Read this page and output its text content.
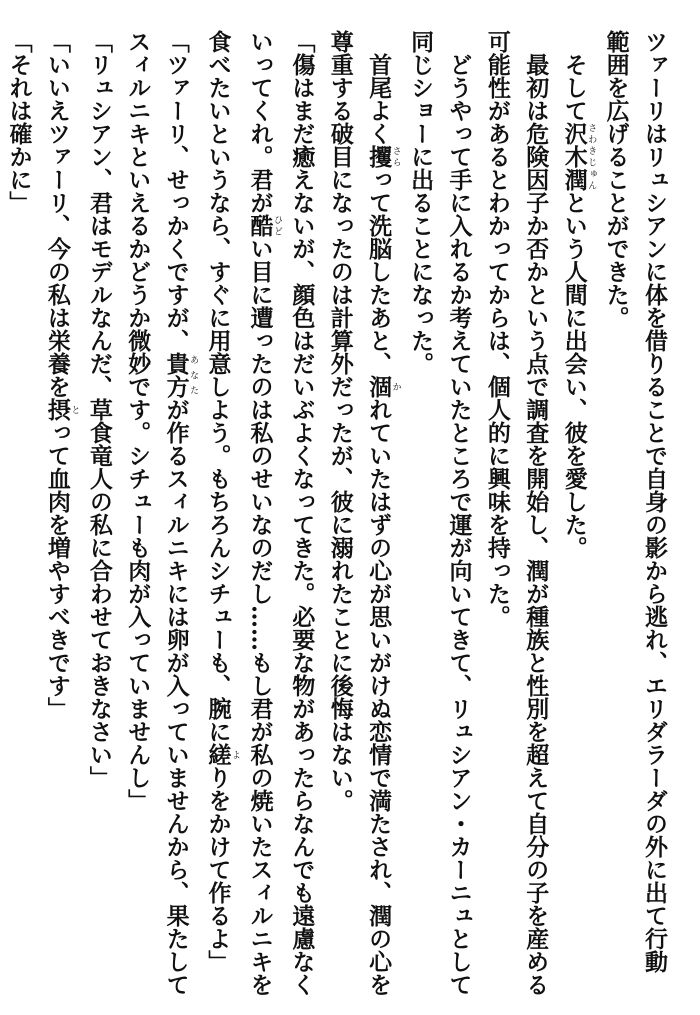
ツァーリはリュシアンに体を借りることで自身の影から逃れ、エリダラーダの外に出て行動

範囲を広げることができた。

　そして沢木潤さわきじゅんという人間に出会い、彼を愛した。

　最初は危険因子か否かという点で調査を開始し、潤が種族と性別を超えて自分の子を産める

可能性があるとわかってからは、個人的に興味を持った。

　どうやって手に入れるか考えていたところで運が向いてきて、リュシアン・カーニュとして

同じショーに出ることになった。

　首尾よく攫さらって洗脳したあと、涸かれていたはずの心が思いがけぬ恋情で満たされ、潤の心を

尊重する破目になったのは計算外だったが、彼に溺れたことに後悔はない。

「傷はまだ癒えないが、顔色はだいぶよくなってきた。必要な物があったらなんでも遠慮なく

いってくれ。君が酷ひどい目に遭ったのは私のせいなのだし……もし君が私の焼いたスィルニキを

食べたいというなら、すぐに用意しよう。もちろんシチューも、腕に縒よりをかけて作るよ」

「ツァーリ、せっかくですが、貴方あなたが作るスィルニキには卵が入っていませんから、果たして

スィルニキといえるかどうか微妙です。シチューも肉が入っていませんし」

「リュシアン、君はモデルなんだ、草食竜人の私に合わせておきなさい」

「いいえツァーリ、今の私は栄養を摂とって血肉を増やすべきです」

「それは確かに」
